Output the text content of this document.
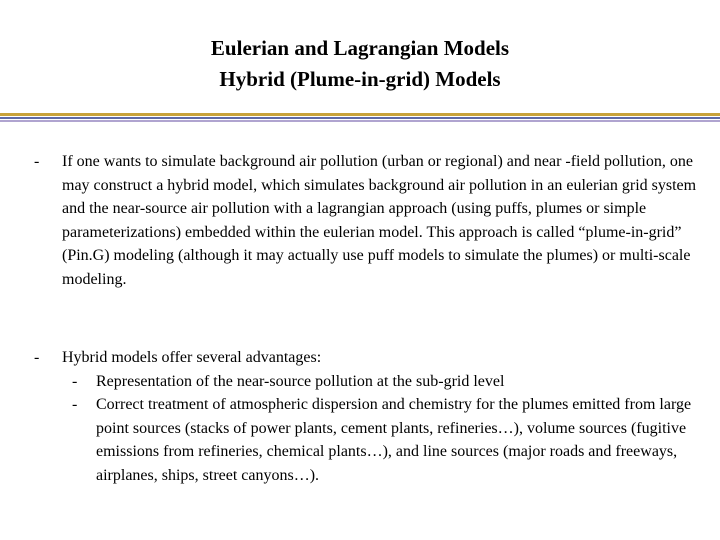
Eulerian and Lagrangian Models
Hybrid (Plume-in-grid) Models
-	If one wants to simulate background air pollution (urban or regional) and near -field pollution, one may construct a hybrid model, which simulates background air pollution in an eulerian grid system and the near-source air pollution with a lagrangian approach (using puffs, plumes or simple parameterizations) embedded within the eulerian model. This approach is called “plume-in-grid” (Pin.G) modeling (although it may actually use puff models to simulate the plumes) or multi-scale modeling.
-	Hybrid models offer several advantages:
-	Representation of the near-source pollution at the sub-grid level
-	Correct treatment of atmospheric dispersion and chemistry for the plumes emitted from large point sources (stacks of power plants, cement plants, refineries…), volume sources (fugitive emissions from refineries, chemical plants…), and line sources (major roads and freeways, airplanes, ships, street canyons…).
